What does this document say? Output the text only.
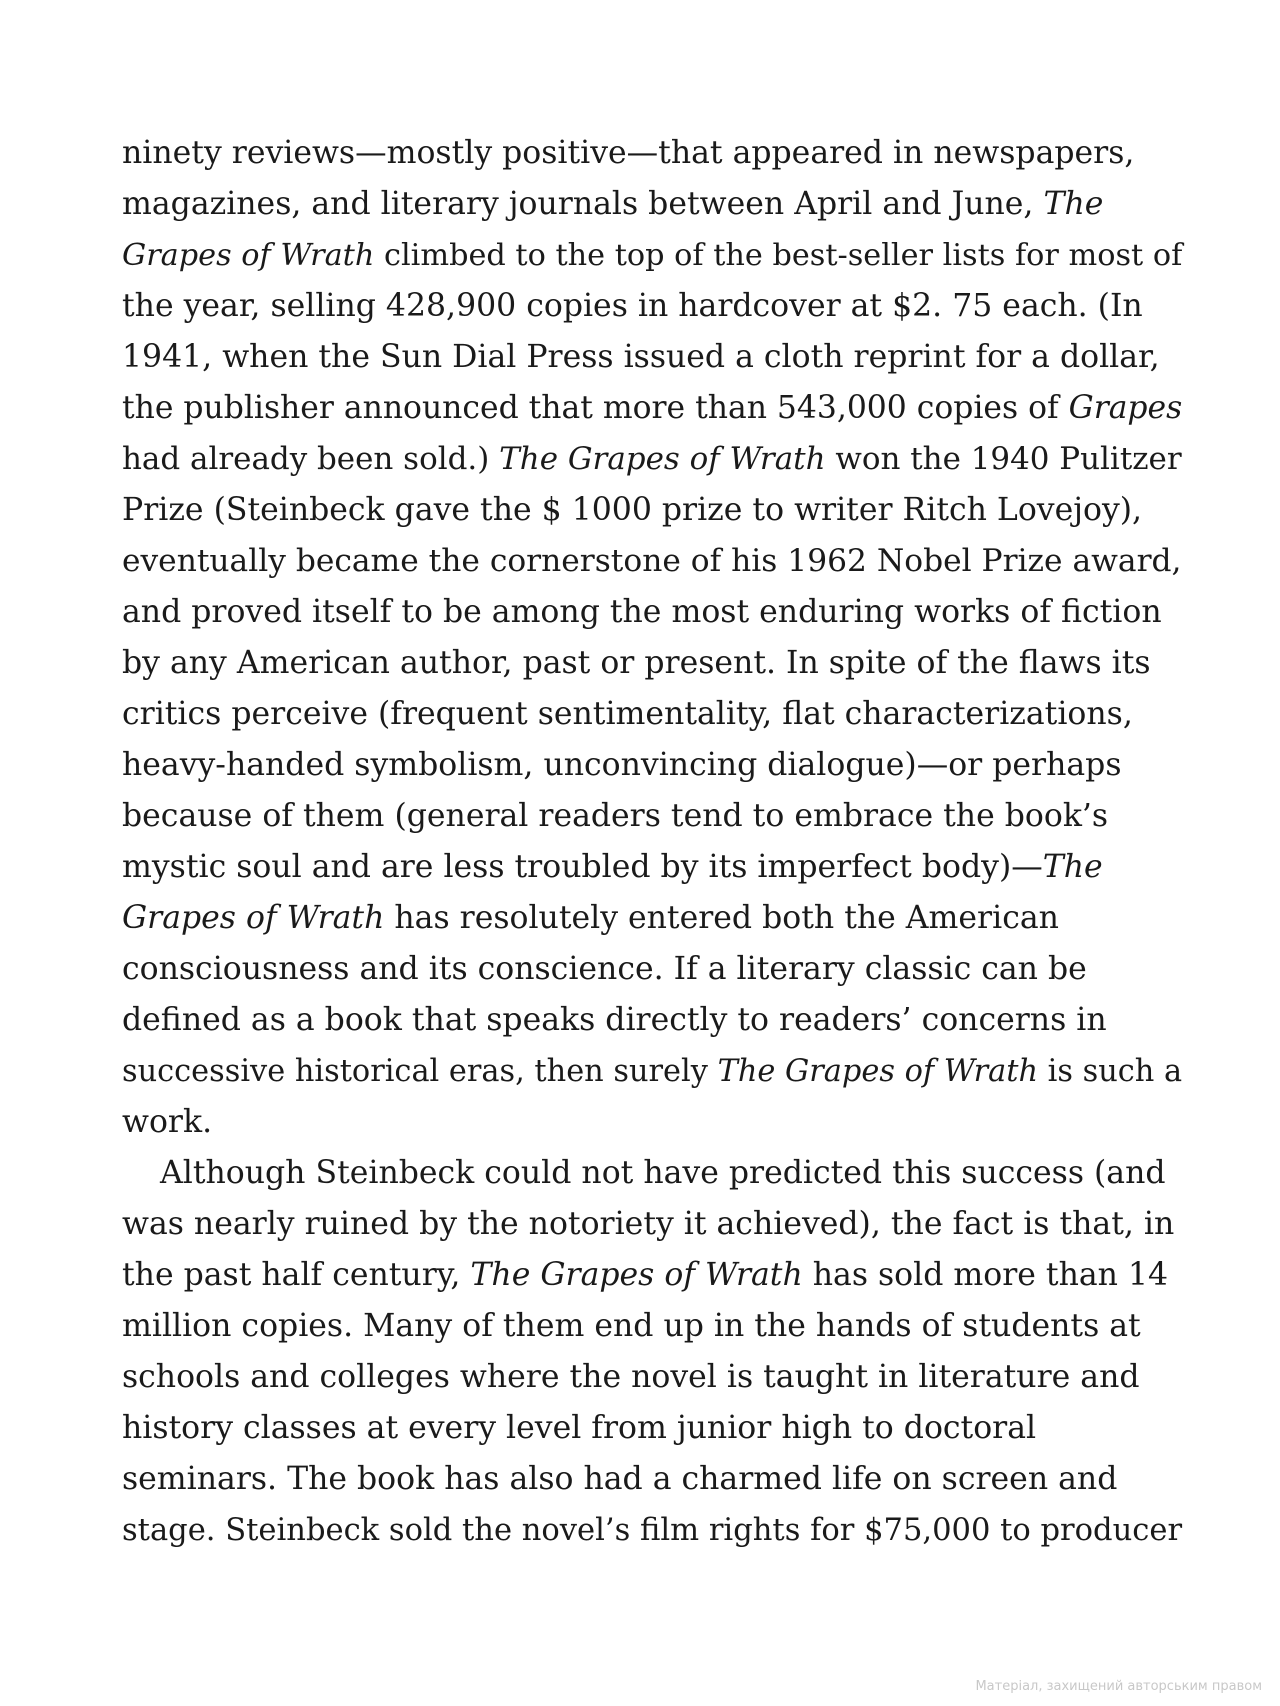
ninety reviews—mostly positive—that appeared in newspapers,
magazines, and literary journals between April and June, The
Grapes of Wrath climbed to the top of the best-seller lists for most of
the year, selling 428,900 copies in hardcover at $2. 75 each. (In
1941, when the Sun Dial Press issued a cloth reprint for a dollar,
the publisher announced that more than 543,000 copies of Grapes
had already been sold.) The Grapes of Wrath won the 1940 Pulitzer
Prize (Steinbeck gave the $ 1000 prize to writer Ritch Lovejoy),
eventually became the cornerstone of his 1962 Nobel Prize award,
and proved itself to be among the most enduring works of fiction
by any American author, past or present. In spite of the flaws its
critics perceive (frequent sentimentality, flat characterizations,
heavy-handed symbolism, unconvincing dialogue)—or perhaps
because of them (general readers tend to embrace the book’s
mystic soul and are less troubled by its imperfect body)—The
Grapes of Wrath has resolutely entered both the American
consciousness and its conscience. If a literary classic can be
defined as a book that speaks directly to readers’ concerns in
successive historical eras, then surely The Grapes of Wrath is such a
work.
Although Steinbeck could not have predicted this success (and
was nearly ruined by the notoriety it achieved), the fact is that, in
the past half century, The Grapes of Wrath has sold more than 14
million copies. Many of them end up in the hands of students at
schools and colleges where the novel is taught in literature and
history classes at every level from junior high to doctoral
seminars. The book has also had a charmed life on screen and
stage. Steinbeck sold the novel’s film rights for $75,000 to producer
Матеріал, захищений авторським правом
